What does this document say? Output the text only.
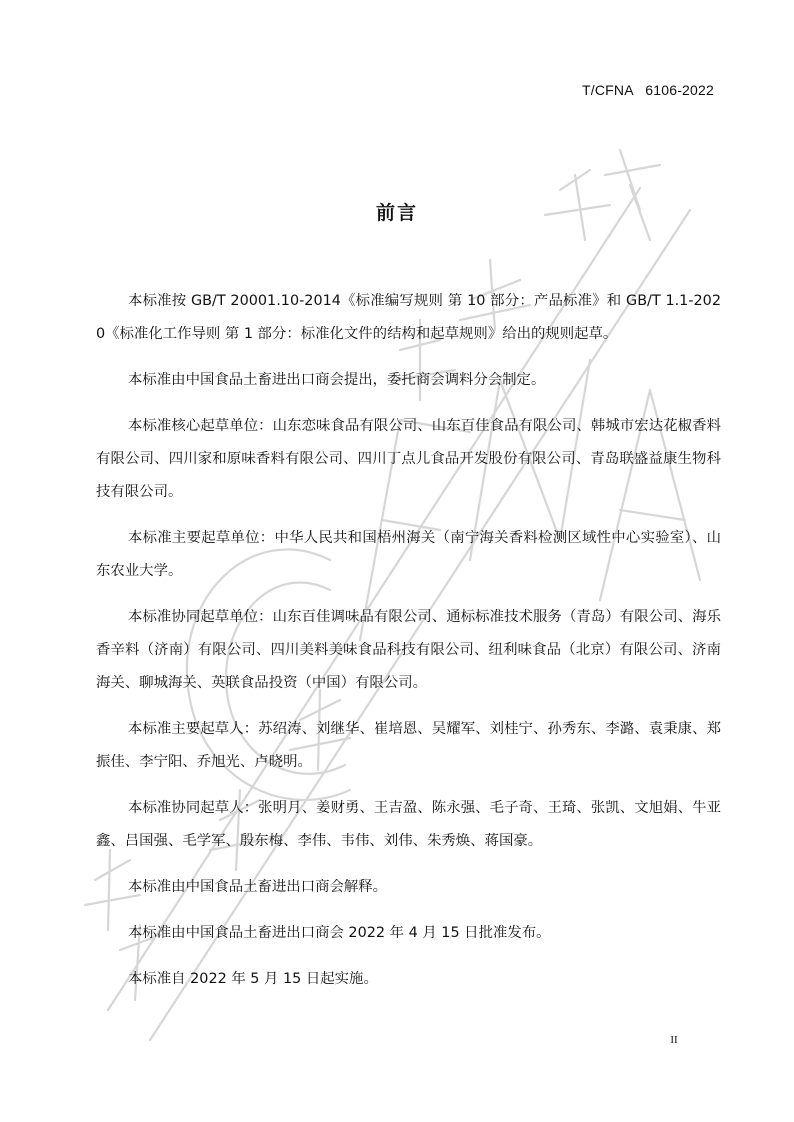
T/CFNA   6106-2022
前言

本标准按 GB/T 20001.10-2014《标准编写规则 第 10 部分：产品标准》和 GB/T 1.1-2020《标准化工作导则 第 1 部分：标准化文件的结构和起草规则》给出的规则起草。

本标准由中国食品土畜进出口商会提出，委托商会调料分会制定。

本标准核心起草单位：山东恋味食品有限公司、山东百佳食品有限公司、韩城市宏达花椒香料有限公司、四川家和原味香料有限公司、四川丁点儿食品开发股份有限公司、青岛联盛益康生物科技有限公司。

本标准主要起草单位：中华人民共和国梧州海关（南宁海关香料检测区域性中心实验室）、山东农业大学。

本标准协同起草单位：山东百佳调味品有限公司、通标标准技术服务（青岛）有限公司、海乐香辛料（济南）有限公司、四川美料美味食品科技有限公司、纽利味食品（北京）有限公司、济南海关、聊城海关、英联食品投资（中国）有限公司。

本标准主要起草人：苏绍涛、刘继华、崔培恩、吴耀军、刘桂宁、孙秀东、李潞、袁秉康、郑振佳、李宁阳、乔旭光、卢晓明。

本标准协同起草人：张明月、姜财勇、王吉盈、陈永强、毛子奇、王琦、张凯、文旭娟、牛亚鑫、吕国强、毛学军、殷东梅、李伟、韦伟、刘伟、朱秀焕、蒋国豪。

本标准由中国食品土畜进出口商会解释。

本标准由中国食品土畜进出口商会 2022 年 4 月 15 日批准发布。

本标准自 2022 年 5 月 15 日起实施。

II
